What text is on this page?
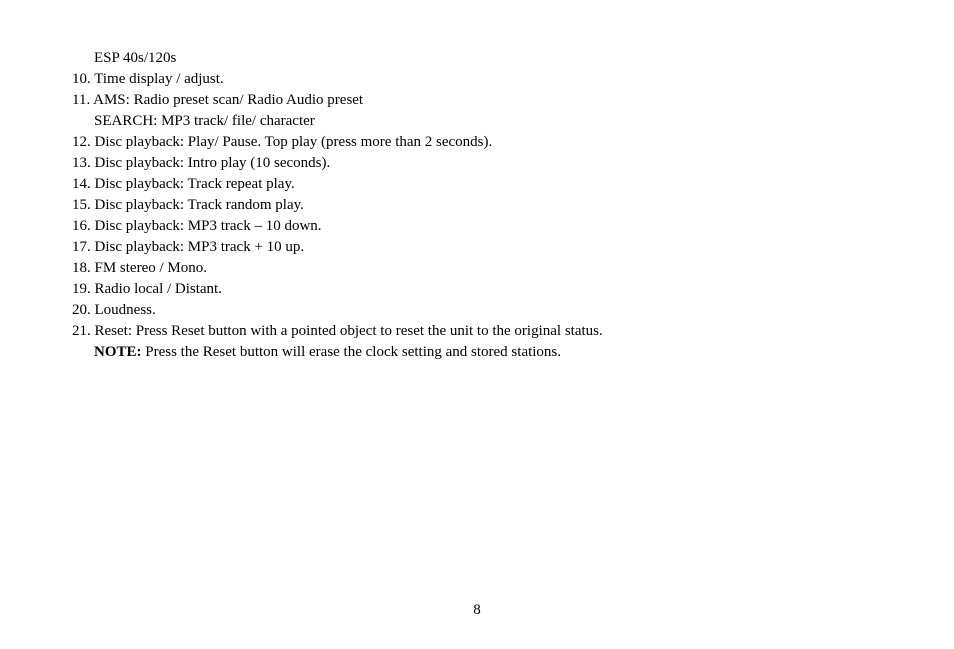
ESP 40s/120s
10. Time display / adjust.
11. AMS: Radio preset scan/ Radio Audio preset
SEARCH: MP3 track/ file/ character
12. Disc playback: Play/ Pause. Top play (press more than 2 seconds).
13. Disc playback: Intro play (10 seconds).
14. Disc playback: Track repeat play.
15. Disc playback: Track random play.
16. Disc playback: MP3 track – 10 down.
17. Disc playback: MP3 track + 10 up.
18. FM stereo / Mono.
19. Radio local / Distant.
20. Loudness.
21. Reset: Press Reset button with a pointed object to reset the unit to the original status.
NOTE: Press the Reset button will erase the clock setting and stored stations.
8
